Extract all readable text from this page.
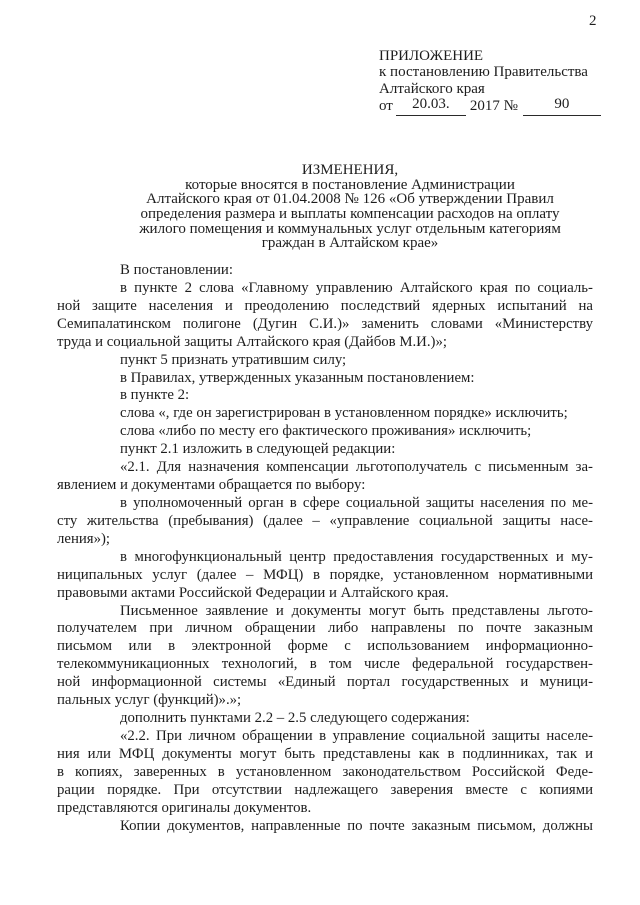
2
ПРИЛОЖЕНИЕ
к постановлению Правительства
Алтайского края
от 20.03. 2017 № 90
ИЗМЕНЕНИЯ,
которые вносятся в постановление Администрации
Алтайского края от 01.04.2008 № 126 «Об утверждении Правил
определения размера и выплаты компенсации расходов на оплату
жилого помещения и коммунальных услуг отдельным категориям
граждан в Алтайском крае»
В постановлении:
в пункте 2 слова «Главному управлению Алтайского края по социаль-
ной защите населения и преодолению последствий ядерных испытаний на
Семипалатинском полигоне (Дугин С.И.)» заменить словами «Министерству
труда и социальной защиты Алтайского края (Дайбов М.И.)»;
пункт 5 признать утратившим силу;
в Правилах, утвержденных указанным постановлением:
в пункте 2:
слова «, где он зарегистрирован в установленном порядке» исключить;
слова «либо по месту его фактического проживания» исключить;
пункт 2.1 изложить в следующей редакции:
«2.1. Для назначения компенсации льготополучатель с письменным за-
явлением и документами обращается по выбору:
в уполномоченный орган в сфере социальной защиты населения по ме-
сту жительства (пребывания) (далее – «управление социальной защиты насе-
ления»);
в многофункциональный центр предоставления государственных и му-
ниципальных услуг (далее – МФЦ) в порядке, установленном нормативными
правовыми актами Российской Федерации и Алтайского края.
Письменное заявление и документы могут быть представлены льгото-
получателем при личном обращении либо направлены по почте заказным
письмом или в электронной форме с использованием информационно-
телекоммуникационных технологий, в том числе федеральной государствен-
ной информационной системы «Единый портал государственных и муници-
пальных услуг (функций)».»;
дополнить пунктами 2.2 – 2.5 следующего содержания:
«2.2. При личном обращении в управление социальной защиты населе-
ния или МФЦ документы могут быть представлены как в подлинниках, так и
в копиях, заверенных в установленном законодательством Российской Феде-
рации порядке. При отсутствии надлежащего заверения вместе с копиями
представляются оригиналы документов.
Копии документов, направленные по почте заказным письмом, должны
